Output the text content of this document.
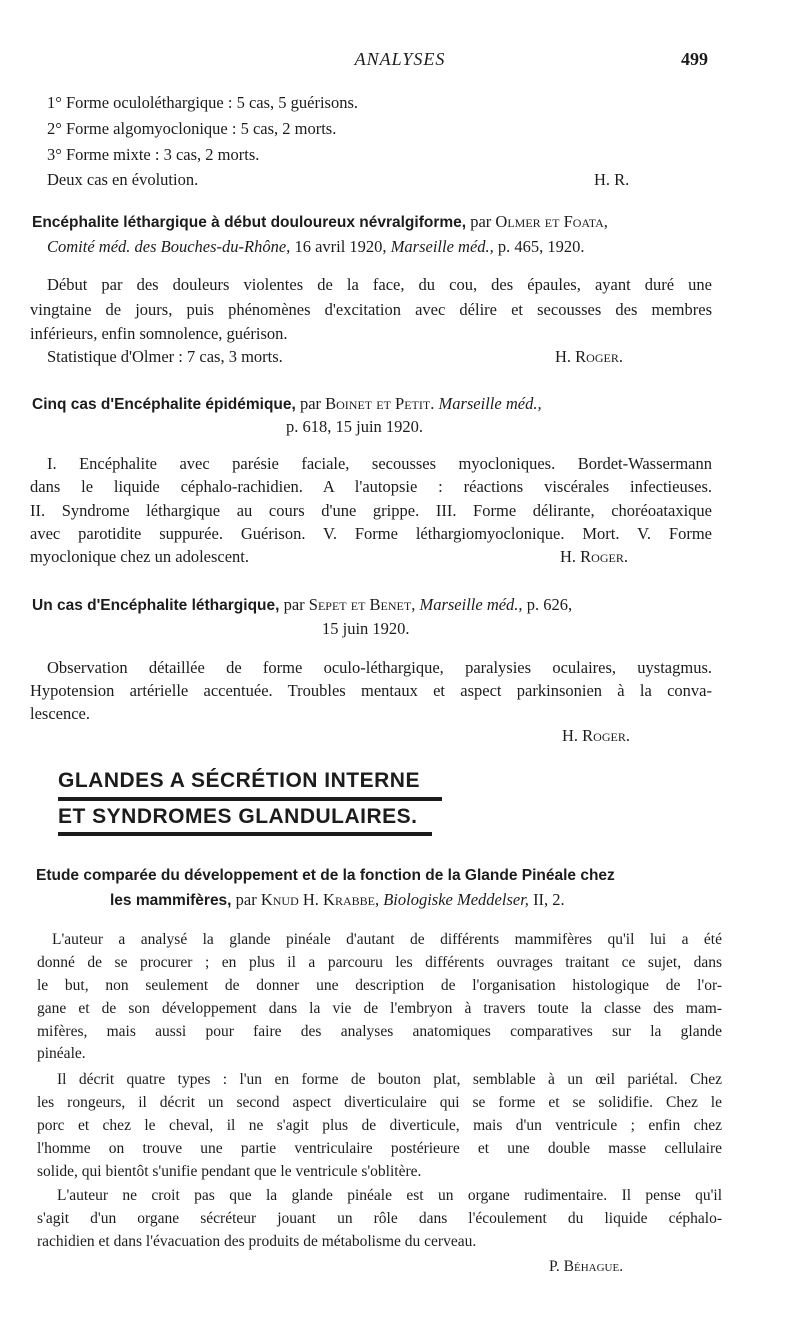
ANALYSES	499
1° Forme oculoléthargique : 5 cas, 5 guérisons.
2° Forme algomyoclonique : 5 cas, 2 morts.
3° Forme mixte : 3 cas, 2 morts.
Deux cas en évolution.	H. R.
Encéphalite léthargique à début douloureux névralgiforme, par Olmer et Foata,
Comité méd. des Bouches-du-Rhône, 16 avril 1920, Marseille méd., p. 465, 1920.
Début par des douleurs violentes de la face, du cou, des épaules, ayant duré une
vingtaine de jours, puis phénomènes d'excitation avec délire et secousses des membres
inférieurs, enfin somnolence, guérison.
Statistique d'Olmer : 7 cas, 3 morts.	H. Roger.
Cinq cas d'Encéphalite épidémique, par Boinet et Petit. Marseille méd.,
p. 618, 15 juin 1920.
I. Encéphalite avec parésie faciale, secousses myocloniques. Bordet-Wassermann
dans le liquide céphalo-rachidien. A l'autopsie : réactions viscérales infectieuses.
II. Syndrome léthargique au cours d'une grippe. III. Forme délirante, choréoataxique
avec parotidite suppurée. Guérison. V. Forme léthargiomyoclonique. Mort. V. Forme
myoclonique chez un adolescent.	H. Roger.
Un cas d'Encéphalite léthargique, par Sepet et Benet, Marseille méd., p. 626,
15 juin 1920.
Observation détaillée de forme oculo-léthargique, paralysies oculaires, uystagmus.
Hypotension artérielle accentuée. Troubles mentaux et aspect parkinsonien à la conva-
lescence.
H. Roger.
GLANDES A SÉCRÉTION INTERNE
ET SYNDROMES GLANDULAIRES.
Etude comparée du développement et de la fonction de la Glande Pinéale chez
les mammifères, par Knud H. Krabbe, Biologiske Meddelser, II, 2.
L'auteur a analysé la glande pinéale d'autant de différents mammifères qu'il lui a été
donné de se procurer ; en plus il a parcouru les différents ouvrages traitant ce sujet, dans
le but, non seulement de donner une description de l'organisation histologique de l'or-
gane et de son développement dans la vie de l'embryon à travers toute la classe des mam-
mifères, mais aussi pour faire des analyses anatomiques comparatives sur la glande
pinéale.
Il décrit quatre types : l'un en forme de bouton plat, semblable à un œil pariétal. Chez
les rongeurs, il décrit un second aspect diverticulaire qui se forme et se solidifie. Chez le
porc et chez le cheval, il ne s'agit plus de diverticule, mais d'un ventricule ; enfin chez
l'homme on trouve une partie ventriculaire postérieure et une double masse cellulaire
solide, qui bientôt s'unifie pendant que le ventricule s'oblitère.
L'auteur ne croit pas que la glande pinéale est un organe rudimentaire. Il pense qu'il
s'agit d'un organe sécréteur jouant un rôle dans l'écoulement du liquide céphalo-
rachidien et dans l'évacuation des produits de métabolisme du cerveau.
P. Béhague.
